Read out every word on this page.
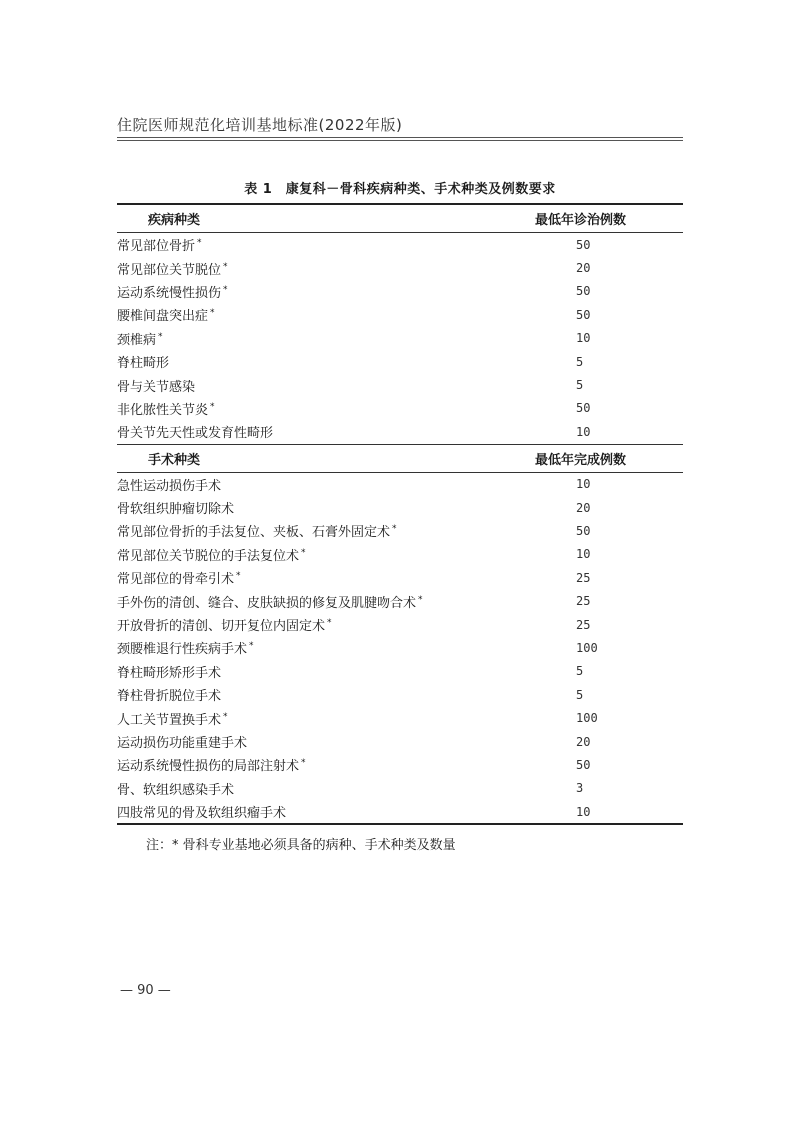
住院医师规范化培训基地标准(2022年版)
表 1　康复科－骨科疾病种类、手术种类及例数要求
疾病种类	最低年诊治例数
常见部位骨折 *	50
常见部位关节脱位 *	20
运动系统慢性损伤 *	50
腰椎间盘突出症 *	50
颈椎病 *	10
脊柱畸形	5
骨与关节感染	5
非化脓性关节炎 *	50
骨关节先天性或发育性畸形	10
手术种类	最低年完成例数
急性运动损伤手术	10
骨软组织肿瘤切除术	20
常见部位骨折的手法复位、夹板、石膏外固定术 *	50
常见部位关节脱位的手法复位术 *	10
常见部位的骨牵引术 *	25
手外伤的清创、缝合、皮肤缺损的修复及肌腱吻合术 *	25
开放骨折的清创、切开复位内固定术 *	25
颈腰椎退行性疾病手术 *	100
脊柱畸形矫形手术	5
脊柱骨折脱位手术	5
人工关节置换手术 *	100
运动损伤功能重建手术	20
运动系统慢性损伤的局部注射术 *	50
骨、软组织感染手术	3
四肢常见的骨及软组织瘤手术	10
注：* 骨科专业基地必须具备的病种、手术种类及数量
— 90 —
